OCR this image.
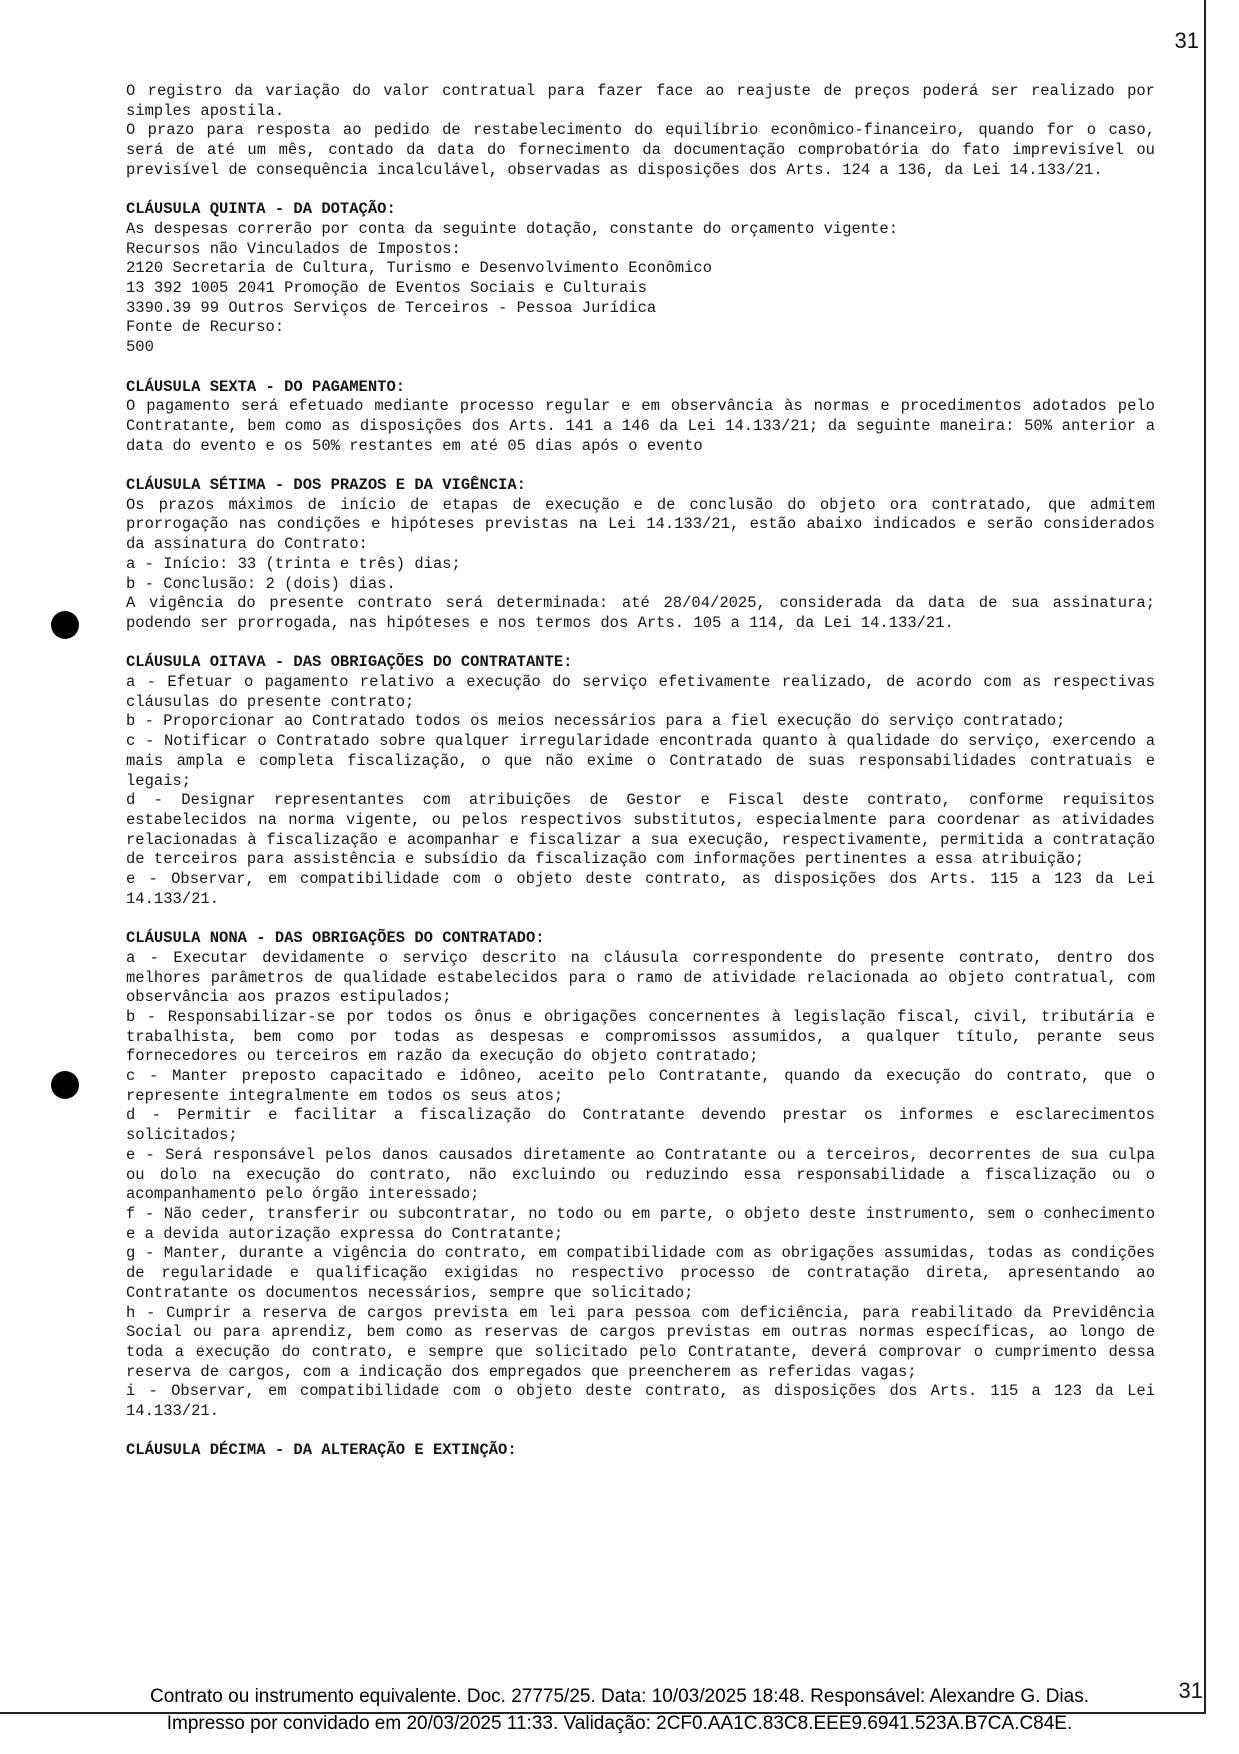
31

O registro da variação do valor contratual para fazer face ao reajuste de preços poderá ser realizado por simples apostila.

O prazo para resposta ao pedido de restabelecimento do equilíbrio econômico-financeiro, quando for o caso, será de até um mês, contado da data do fornecimento da documentação comprobatória do fato imprevisível ou previsível de consequência incalculável, observadas as disposições dos Arts. 124 a 136, da Lei 14.133/21.

CLÁUSULA QUINTA - DA DOTAÇÃO:
As despesas correrão por conta da seguinte dotação, constante do orçamento vigente:
Recursos não Vinculados de Impostos:
2120 Secretaria de Cultura, Turismo e Desenvolvimento Econômico
13 392 1005 2041 Promoção de Eventos Sociais e Culturais
3390.39 99 Outros Serviços de Terceiros - Pessoa Jurídica
Fonte de Recurso:
500
CLÁUSULA SEXTA - DO PAGAMENTO:

O pagamento será efetuado mediante processo regular e em observância às normas e procedimentos adotados pelo Contratante, bem como as disposições dos Arts. 141 a 146 da Lei 14.133/21; da seguinte maneira: 50% anterior a data do evento e os 50% restantes em até 05 dias após o evento

CLÁUSULA SÉTIMA - DOS PRAZOS E DA VIGÊNCIA:

Os prazos máximos de início de etapas de execução e de conclusão do objeto ora contratado, que admitem prorrogação nas condições e hipóteses previstas na Lei 14.133/21, estão abaixo indicados e serão considerados da assinatura do Contrato:

a - Início: 33 (trinta e três) dias;
b - Conclusão: 2 (dois) dias.

A vigência do presente contrato será determinada: até 28/04/2025, considerada da data de sua assinatura; podendo ser prorrogada, nas hipóteses e nos termos dos Arts. 105 a 114, da Lei 14.133/21.

CLÁUSULA OITAVA - DAS OBRIGAÇÕES DO CONTRATANTE:

a - Efetuar o pagamento relativo a execução do serviço efetivamente realizado, de acordo com as respectivas cláusulas do presente contrato;

b - Proporcionar ao Contratado todos os meios necessários para a fiel execução do serviço contratado;

c - Notificar o Contratado sobre qualquer irregularidade encontrada quanto à qualidade do serviço, exercendo a mais ampla e completa fiscalização, o que não exime o Contratado de suas responsabilidades contratuais e legais;

d - Designar representantes com atribuições de Gestor e Fiscal deste contrato, conforme requisitos estabelecidos na norma vigente, ou pelos respectivos substitutos, especialmente para coordenar as atividades relacionadas à fiscalização e acompanhar e fiscalizar a sua execução, respectivamente, permitida a contratação de terceiros para assistência e subsídio da fiscalização com informações pertinentes a essa atribuição;

e - Observar, em compatibilidade com o objeto deste contrato, as disposições dos Arts. 115 a 123 da Lei 14.133/21.

CLÁUSULA NONA - DAS OBRIGAÇÕES DO CONTRATADO:

a - Executar devidamente o serviço descrito na cláusula correspondente do presente contrato, dentro dos melhores parâmetros de qualidade estabelecidos para o ramo de atividade relacionada ao objeto contratual, com observância aos prazos estipulados;

b - Responsabilizar-se por todos os ônus e obrigações concernentes à legislação fiscal, civil, tributária e trabalhista, bem como por todas as despesas e compromissos assumidos, a qualquer título, perante seus fornecedores ou terceiros em razão da execução do objeto contratado;

c - Manter preposto capacitado e idôneo, aceito pelo Contratante, quando da execução do contrato, que o represente integralmente em todos os seus atos;

d - Permitir e facilitar a fiscalização do Contratante devendo prestar os informes e esclarecimentos solicitados;

e - Será responsável pelos danos causados diretamente ao Contratante ou a terceiros, decorrentes de sua culpa ou dolo na execução do contrato, não excluindo ou reduzindo essa responsabilidade a fiscalização ou o acompanhamento pelo órgão interessado;

f - Não ceder, transferir ou subcontratar, no todo ou em parte, o objeto deste instrumento, sem o conhecimento e a devida autorização expressa do Contratante;

g - Manter, durante a vigência do contrato, em compatibilidade com as obrigações assumidas, todas as condições de regularidade e qualificação exigidas no respectivo processo de contratação direta, apresentando ao Contratante os documentos necessários, sempre que solicitado;

h - Cumprir a reserva de cargos prevista em lei para pessoa com deficiência, para reabilitado da Previdência Social ou para aprendiz, bem como as reservas de cargos previstas em outras normas específicas, ao longo de toda a execução do contrato, e sempre que solicitado pelo Contratante, deverá comprovar o cumprimento dessa reserva de cargos, com a indicação dos empregados que preencherem as referidas vagas;

i - Observar, em compatibilidade com o objeto deste contrato, as disposições dos Arts. 115 a 123 da Lei 14.133/21.

CLÁUSULA DÉCIMA - DA ALTERAÇÃO E EXTINÇÃO:
31
Contrato ou instrumento equivalente. Doc. 27775/25. Data: 10/03/2025 18:48. Responsável: Alexandre G. Dias.
Impresso por convidado em 20/03/2025 11:33. Validação: 2CF0.AA1C.83C8.EEE9.6941.523A.B7CA.C84E.
